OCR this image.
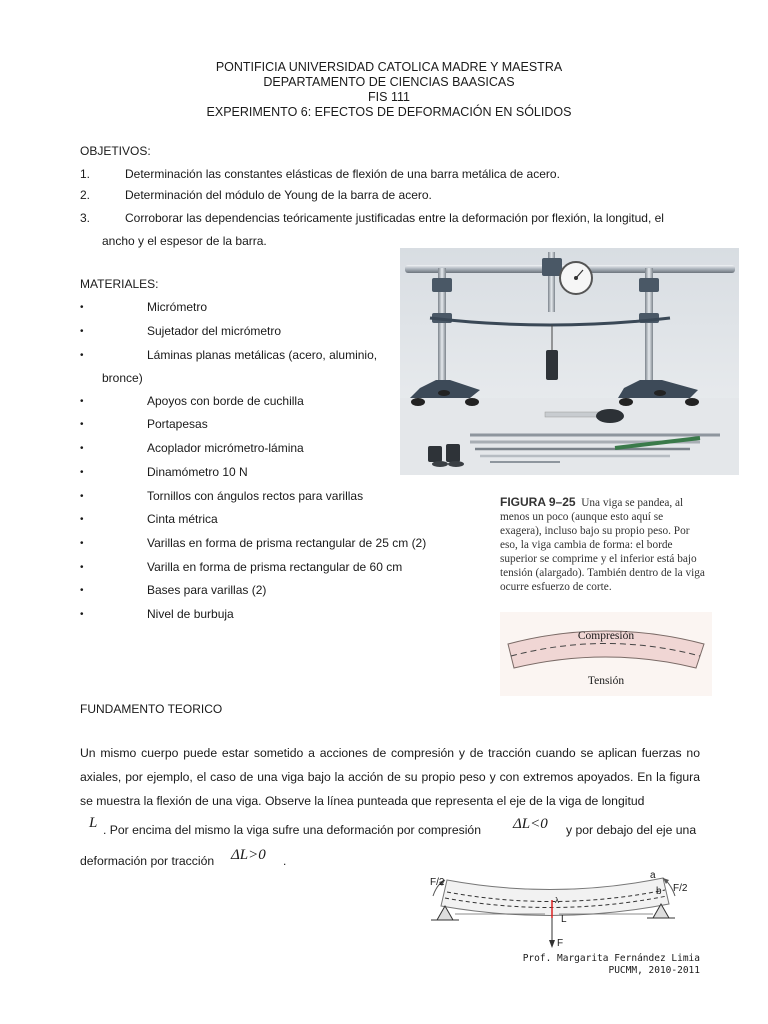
PONTIFICIA UNIVERSIDAD CATOLICA MADRE Y MAESTRA
DEPARTAMENTO DE CIENCIAS BAASICAS
FIS 111
EXPERIMENTO 6: EFECTOS DE DEFORMACIÓN EN SÓLIDOS
OBJETIVOS:
1.	Determinación las constantes elásticas de flexión de una barra metálica de acero.
2.	Determinación del módulo de Young de la barra de acero.
3.	Corroborar las dependencias teóricamente justificadas entre la deformación por flexión, la longitud, el
ancho y el espesor de la barra.
MATERIALES:
•	Micrómetro
•	Sujetador del micrómetro
•	Láminas planas metálicas (acero, aluminio,
•	Apoyos con borde de cuchilla
•	Portapesas
•	Acoplador micrómetro-lámina
•	Dinamómetro 10 N
•	Tornillos con ángulos rectos para varillas
•	Cinta métrica
•	Varillas en forma de prisma rectangular de 25 cm (2)
•	Varilla en forma de prisma rectangular de 60 cm
•	Bases para varillas (2)
•	Nivel de burbuja
bronce)
FIGURA 9–25 Una viga se pandea, al menos un poco (aunque esto aquí se exagera), incluso bajo su propio peso. Por eso, la viga cambia de forma: el borde superior se comprime y el inferior está bajo tensión (alargado). También dentro de la viga ocurre esfuerzo de corte.
Compresión
Tensión
FUNDAMENTO TEORICO
Un mismo cuerpo puede estar sometido a acciones de compresión y de tracción cuando se aplican fuerzas no axiales, por ejemplo, el caso de una viga bajo la acción de su propio peso y con extremos apoyados. En la figura se muestra la flexión de una viga. Observe la línea punteada que representa el eje de la viga de longitud
L . Por encima del mismo la viga sufre una deformación por compresión ΔL<0 y por debajo del eje una
deformación por tracción ΔL>0 .
F/2
F/2
a
b
λ
L
F
Prof. Margarita Fernández Limia
PUCMM, 2010-2011
